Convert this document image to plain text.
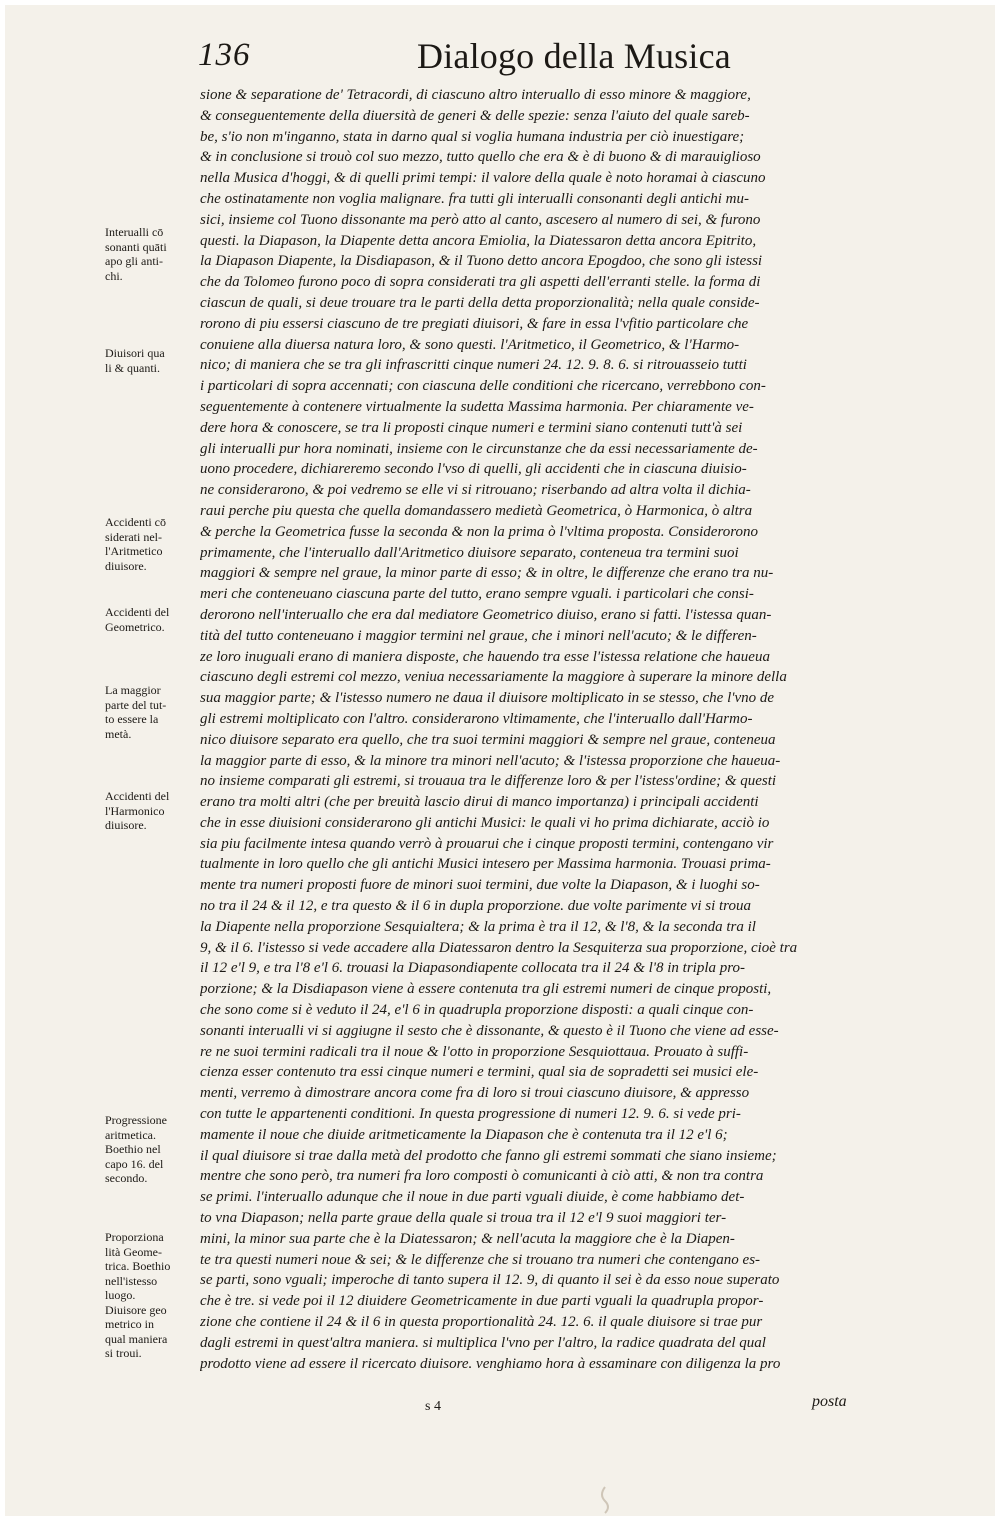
136	Dialogo della Musica
sione & separatione de' Tetracordi, di ciascuno altro interuallo di esso minore & maggiore,
& conseguentemente della diuersità de generi & delle spezie: senza l'aiuto del quale sareb-
be, s'io non m'inganno, stata in darno qual si voglia humana industria per ciò inuestigare;
& in conclusione si trouò col suo mezzo, tutto quello che era & è di buono & di marauiglioso
nella Musica d'hoggi, & di quelli primi tempi: il valore della quale è noto horamai à ciascuno
che ostinatamente non voglia malignare. fra tutti gli interualli consonanti degli antichi mu-
sici, insieme col Tuono dissonante ma però atto al canto, ascesero al numero di sei, & furono
questi. la Diapason, la Diapente detta ancora Emiolia, la Diatessaron detta ancora Epitrito,
la Diapason Diapente, la Disdiapason, & il Tuono detto ancora Epogdoo, che sono gli istessi
che da Tolomeo furono poco di sopra considerati tra gli aspetti dell'erranti stelle. la forma di
ciascun de quali, si deue trouare tra le parti della detta proporzionalità; nella quale conside-
rorono di piu essersi ciascuno de tre pregiati diuisori, & fare in essa l'vfitio particolare che
conuiene alla diuersa natura loro, & sono questi. l'Aritmetico, il Geometrico, & l'Harmo-
nico; di maniera che se tra gli infrascritti cinque numeri 24. 12. 9. 8. 6. si ritrouasseio tutti
i particolari di sopra accennati; con ciascuna delle conditioni che ricercano, verrebbono con-
seguentemente à contenere virtualmente la sudetta Massima harmonia. Per chiaramente ve-
dere hora & conoscere, se tra li proposti cinque numeri e termini siano contenuti tutt'à sei
gli interualli pur hora nominati, insieme con le circunstanze che da essi necessariamente de-
uono procedere, dichiareremo secondo l'vso di quelli, gli accidenti che in ciascuna diuisio-
ne considerarono, & poi vedremo se elle vi si ritrouano; riserbando ad altra volta il dichia-
raui perche piu questa che quella domandassero medietà Geometrica, ò Harmonica, ò altra
& perche la Geometrica fusse la seconda & non la prima ò l'vltima proposta. Considerorono
primamente, che l'interuallo dall'Aritmetico diuisore separato, conteneua tra termini suoi
maggiori & sempre nel graue, la minor parte di esso; & in oltre, le differenze che erano tra nu-
meri che conteneuano ciascuna parte del tutto, erano sempre vguali. i particolari che consi-
derorono nell'interuallo che era dal mediatore Geometrico diuiso, erano si fatti. l'istessa quan-
tità del tutto conteneuano i maggior termini nel graue, che i minori nell'acuto; & le differen-
ze loro inuguali erano di maniera disposte, che hauendo tra esse l'istessa relatione che haueua
ciascuno degli estremi col mezzo, veniua necessariamente la maggiore à superare la minore della
sua maggior parte; & l'istesso numero ne daua il diuisore moltiplicato in se stesso, che l'vno de
gli estremi moltiplicato con l'altro. considerarono vltimamente, che l'interuallo dall'Harmo-
nico diuisore separato era quello, che tra suoi termini maggiori & sempre nel graue, conteneua
la maggior parte di esso, & la minore tra minori nell'acuto; & l'istessa proporzione che haueua-
no insieme comparati gli estremi, si trouaua tra le differenze loro & per l'istess'ordine; & questi
erano tra molti altri (che per breuità lascio dirui di manco importanza) i principali accidenti
che in esse diuisioni considerarono gli antichi Musici: le quali vi ho prima dichiarate, acciò io
sia piu facilmente intesa quando verrò à prouarui che i cinque proposti termini, contengano vir
tualmente in loro quello che gli antichi Musici intesero per Massima harmonia. Trouasi prima-
mente tra numeri proposti fuore de minori suoi termini, due volte la Diapason, & i luoghi so-
no tra il 24 & il 12, e tra questo & il 6 in dupla proporzione. due volte parimente vi si troua
la Diapente nella proporzione Sesquialtera; & la prima è tra il 12, & l'8, & la seconda tra il
9, & il 6. l'istesso si vede accadere alla Diatessaron dentro la Sesquiterza sua proporzione, cioè tra
il 12 e'l 9, e tra l'8 e'l 6. trouasi la Diapasondiapente collocata tra il 24 & l'8 in tripla pro-
porzione; & la Disdiapason viene à essere contenuta tra gli estremi numeri de cinque proposti,
che sono come si è veduto il 24, e'l 6 in quadrupla proporzione disposti: a quali cinque con-
sonanti interualli vi si aggiugne il sesto che è dissonante, & questo è il Tuono che viene ad esse-
re ne suoi termini radicali tra il noue & l'otto in proporzione Sesquiottaua. Prouato à suffi-
cienza esser contenuto tra essi cinque numeri e termini, qual sia de sopradetti sei musici ele-
menti, verremo à dimostrare ancora come fra di loro si troui ciascuno diuisore, & appresso
con tutte le appartenenti conditioni. In questa progressione di numeri 12. 9. 6. si vede pri-
mamente il noue che diuide aritmeticamente la Diapason che è contenuta tra il 12 e'l 6;
il qual diuisore si trae dalla metà del prodotto che fanno gli estremi sommati che siano insieme;
mentre che sono però, tra numeri fra loro composti ò comunicanti à ciò atti, & non tra contra
se primi. l'interuallo adunque che il noue in due parti vguali diuide, è come habbiamo det-
to vna Diapason; nella parte graue della quale si troua tra il 12 e'l 9 suoi maggiori ter-
mini, la minor sua parte che è la Diatessaron; & nell'acuta la maggiore che è la Diapen-
te tra questi numeri noue & sei; & le differenze che si trouano tra numeri che contengano es-
se parti, sono vguali; imperoche di tanto supera il 12. 9, di quanto il sei è da esso noue superato
che è tre. si vede poi il 12 diuidere Geometricamente in due parti vguali la quadrupla propor-
zione che contiene il 24 & il 6 in questa proportionalità 24. 12. 6. il quale diuisore si trae pur
dagli estremi in quest'altra maniera. si multiplica l'vno per l'altro, la radice quadrata del qual
prodotto viene ad essere il ricercato diuisore. venghiamo hora à essaminare con diligenza la pro
Interualli cō
sonanti quāti
apo gli anti-
chi.
Diuisori qua
li & quanti.
Accidenti cō
siderati nel-
l'Aritmetico
diuisore.
Accidenti del
Geometrico.
La maggior
parte del tut-
to essere la
metà.
Accidenti del
l'Harmonico
diuisore.
Progressione
aritmetica.
Boethio nel
capo 16. del
secondo.
Proporziona
lità Geome-
trica. Boethio
nell'istesso
luogo.
Diuisore geo
metrico in
qual maniera
si troui.
s 4	posta
